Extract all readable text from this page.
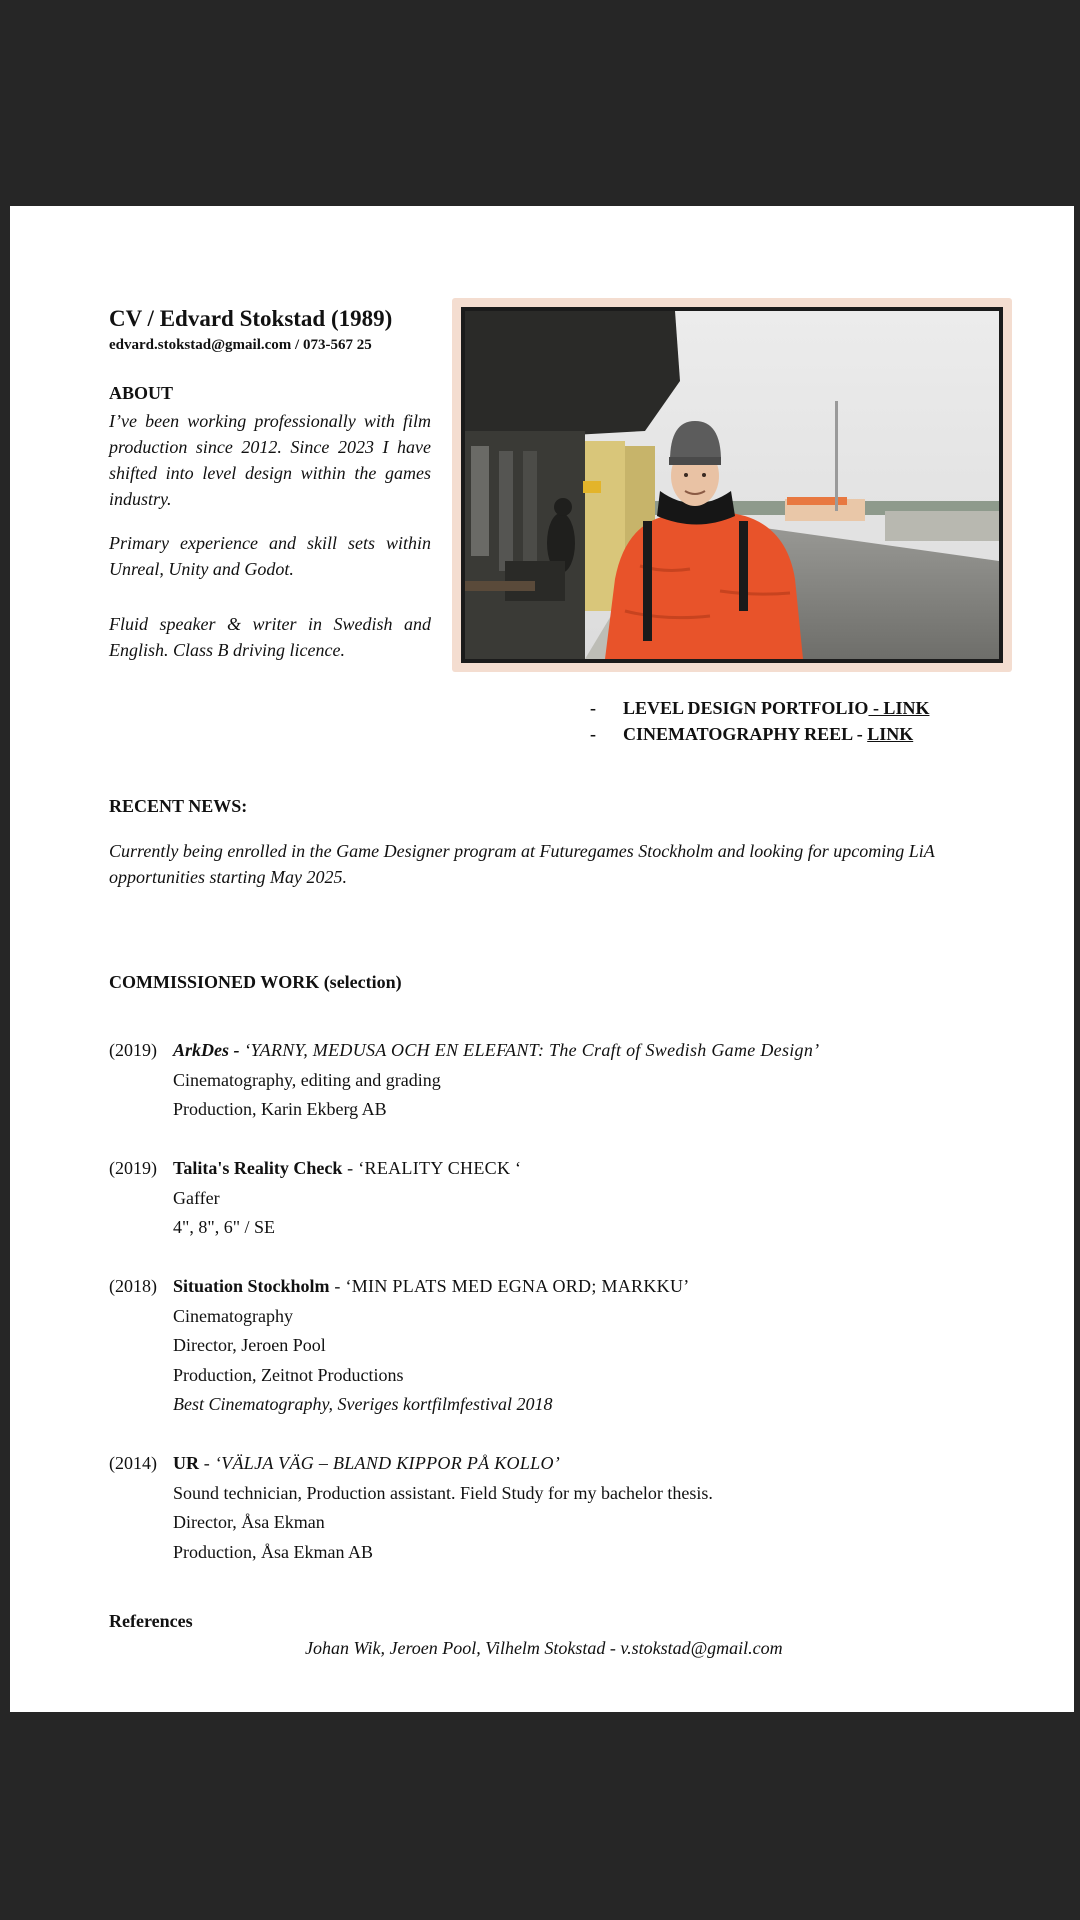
CV / Edvard Stokstad (1989)
edvard.stokstad@gmail.com / 073-567 25
ABOUT
I’ve been working professionally with film production since 2012. Since 2023 I have shifted into level design within the games industry.
Primary experience and skill sets within Unreal, Unity and Godot.
Fluid speaker & writer in Swedish and English. Class B driving licence.
- LEVEL DESIGN PORTFOLIO - LINK
- CINEMATOGRAPHY REEL - LINK
RECENT NEWS:
Currently being enrolled in the Game Designer program at Futuregames Stockholm and looking for upcoming LiA opportunities starting May 2025.
COMMISSIONED WORK (selection)
(2019) ArkDes - ‘YARNY, MEDUSA OCH EN ELEFANT: The Craft of Swedish Game Design’
Cinematography, editing and grading
Production, Karin Ekberg AB
(2019) Talita's Reality Check - ‘REALITY CHECK ‘
Gaffer
4", 8", 6" / SE
(2018) Situation Stockholm - ‘MIN PLATS MED EGNA ORD; MARKKU’
Cinematography
Director, Jeroen Pool
Production, Zeitnot Productions
Best Cinematography, Sveriges kortfilmfestival 2018
(2014) UR - ‘VÄLJA VÄG – BLAND KIPPOR PÅ KOLLO’
Sound technician, Production assistant. Field Study for my bachelor thesis.
Director, Åsa Ekman
Production, Åsa Ekman AB
References
Johan Wik, Jeroen Pool, Vilhelm Stokstad - v.stokstad@gmail.com
